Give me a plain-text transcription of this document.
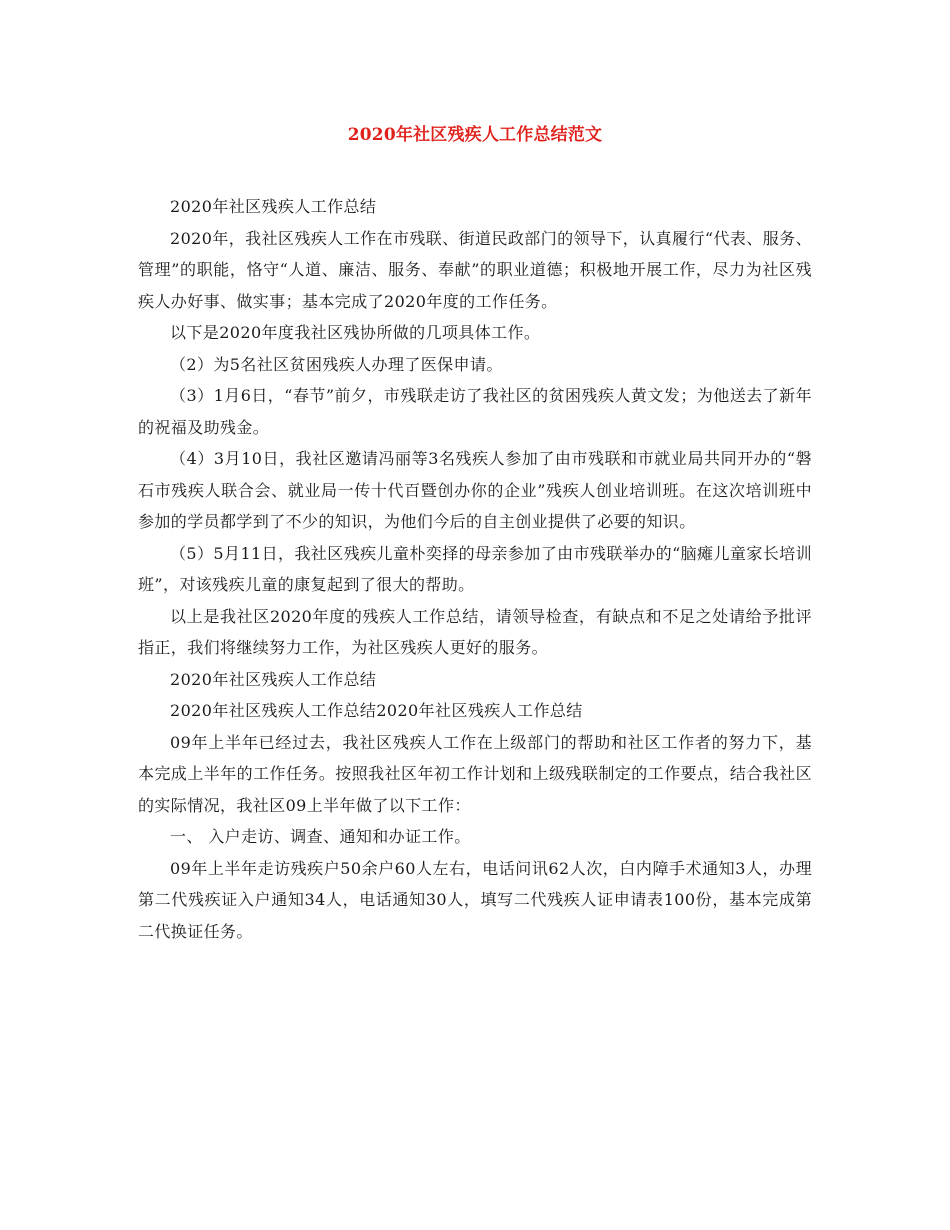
2020年社区残疾人工作总结范文

2020年社区残疾人工作总结

2020年，我社区残疾人工作在市残联、街道民政部门的领导下，认真履行“代表、服务、管理”的职能，恪守“人道、廉洁、服务、奉献”的职业道德；积极地开展工作，尽力为社区残疾人办好事、做实事；基本完成了2020年度的工作任务。

以下是2020年度我社区残协所做的几项具体工作。

（2）为5名社区贫困残疾人办理了医保申请。

（3）1月6日，“春节”前夕，市残联走访了我社区的贫困残疾人黄文发；为他送去了新年的祝福及助残金。

（4）3月10日，我社区邀请冯丽等3名残疾人参加了由市残联和市就业局共同开办的“磐石市残疾人联合会、就业局一传十代百暨创办你的企业”残疾人创业培训班。在这次培训班中参加的学员都学到了不少的知识，为他们今后的自主创业提供了必要的知识。

（5）5月11日，我社区残疾儿童朴奕择的母亲参加了由市残联举办的“脑瘫儿童家长培训班”，对该残疾儿童的康复起到了很大的帮助。

以上是我社区2020年度的残疾人工作总结，请领导检查，有缺点和不足之处请给予批评指正，我们将继续努力工作，为社区残疾人更好的服务。

2020年社区残疾人工作总结

2020年社区残疾人工作总结2020年社区残疾人工作总结

09年上半年已经过去，我社区残疾人工作在上级部门的帮助和社区工作者的努力下，基本完成上半年的工作任务。按照我社区年初工作计划和上级残联制定的工作要点，结合我社区的实际情况，我社区09上半年做了以下工作：

一、 入户走访、调查、通知和办证工作。

09年上半年走访残疾户50余户60人左右，电话问讯62人次，白内障手术通知3人，办理第二代残疾证入户通知34人，电话通知30人，填写二代残疾人证申请表100份，基本完成第二代换证任务。
